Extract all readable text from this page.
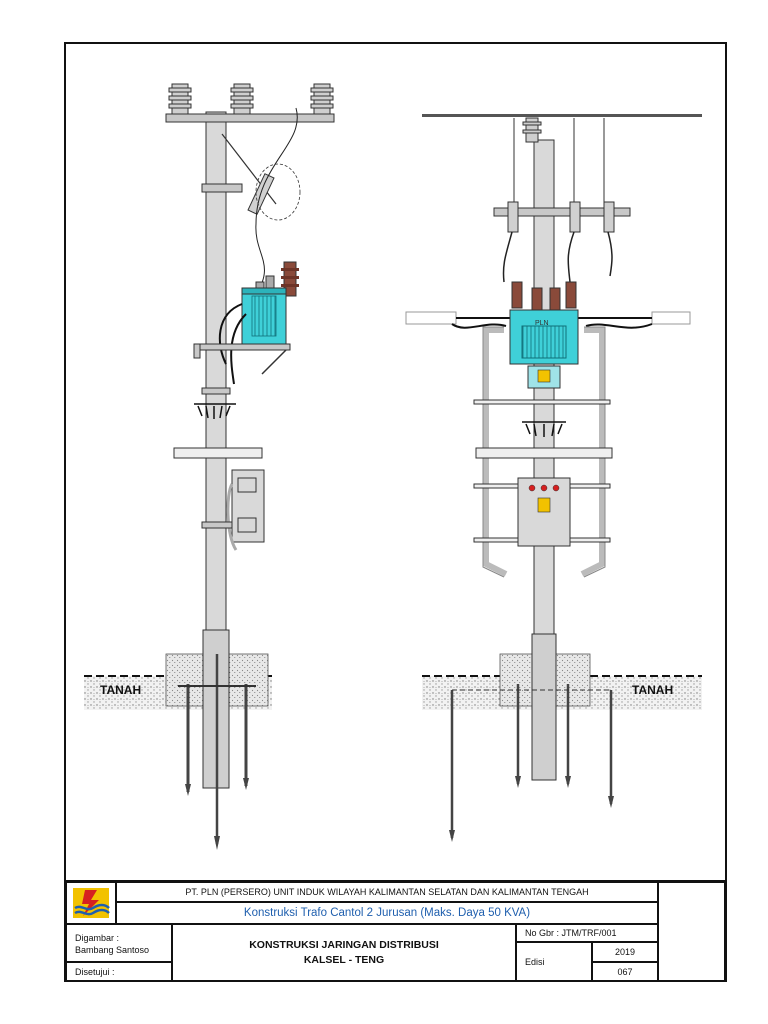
TANAH	TANAH
PLN
PT. PLN (PERSERO) UNIT INDUK WILAYAH KALIMANTAN SELATAN DAN KALIMANTAN TENGAH
Konstruksi Trafo Cantol 2 Jurusan (Maks. Daya 50 KVA)
Digambar :
Bambang Santoso
Disetujui :
KONSTRUKSI JARINGAN DISTRIBUSI
KALSEL - TENG
No Gbr : JTM/TRF/001
Edisi
2019
067
